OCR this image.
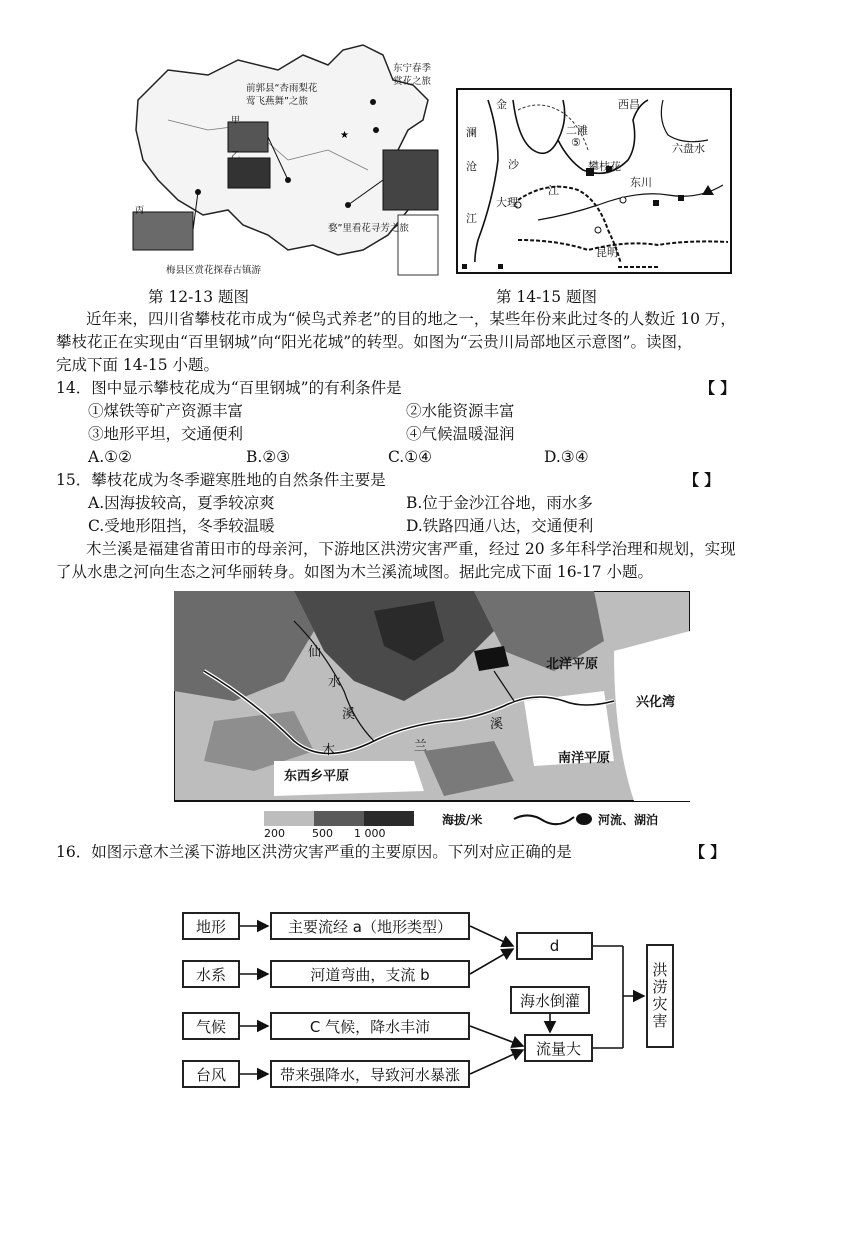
★
前郭县“杏雨梨花
莺飞燕舞”之旅
东宁春季
赏花之旅
婺”里看花寻芳之旅
梅县区赏花探春古镇游
甲
乙
丙
金	西昌
二滩
⑤
沙	攀枝花
东川
江
大理
澜
沧
江
六盘水
昆明
第 12-13 题图	第 14-15 题图
近年来，四川省攀枝花市成为“候鸟式养老”的目的地之一，某些年份来此过冬的人数近 10 万，
攀枝花正在实现由“百里钢城”向“阳光花城”的转型。如图为“云贵川局部地区示意图”。读图，
完成下面 14-15 小题。
14．图中显示攀枝花成为“百里钢城”的有利条件是	【 】
①煤铁等矿产资源丰富	②水能资源丰富
③地形平坦，交通便利	④气候温暖湿润
A.①②	B.②③	C.①④	D.③④
15．攀枝花成为冬季避寒胜地的自然条件主要是	【 】
A.因海拔较高，夏季较凉爽	B.位于金沙江谷地，雨水多
C.受地形阻挡，冬季较温暖	D.铁路四通八达，交通便利
木兰溪是福建省莆田市的母亲河，下游地区洪涝灾害严重，经过 20 多年科学治理和规划，实现
了从水患之河向生态之河华丽转身。如图为木兰溪流域图。据此完成下面 16-17 小题。
北洋平原
兴化湾
南洋平原
东西乡平原
仙
水
溪
木	兰
溪
200 500 1 000
海拔/米	河流、湖泊
16．如图示意木兰溪下游地区洪涝灾害严重的主要原因。下列对应正确的是	【 】
地形
水系
气候
台风
主要流经 a（地形类型）
河道弯曲，支流 b
C 气候，降水丰沛
带来强降水，导致河水暴涨
d
海水倒灌
流量大
洪涝灾害
